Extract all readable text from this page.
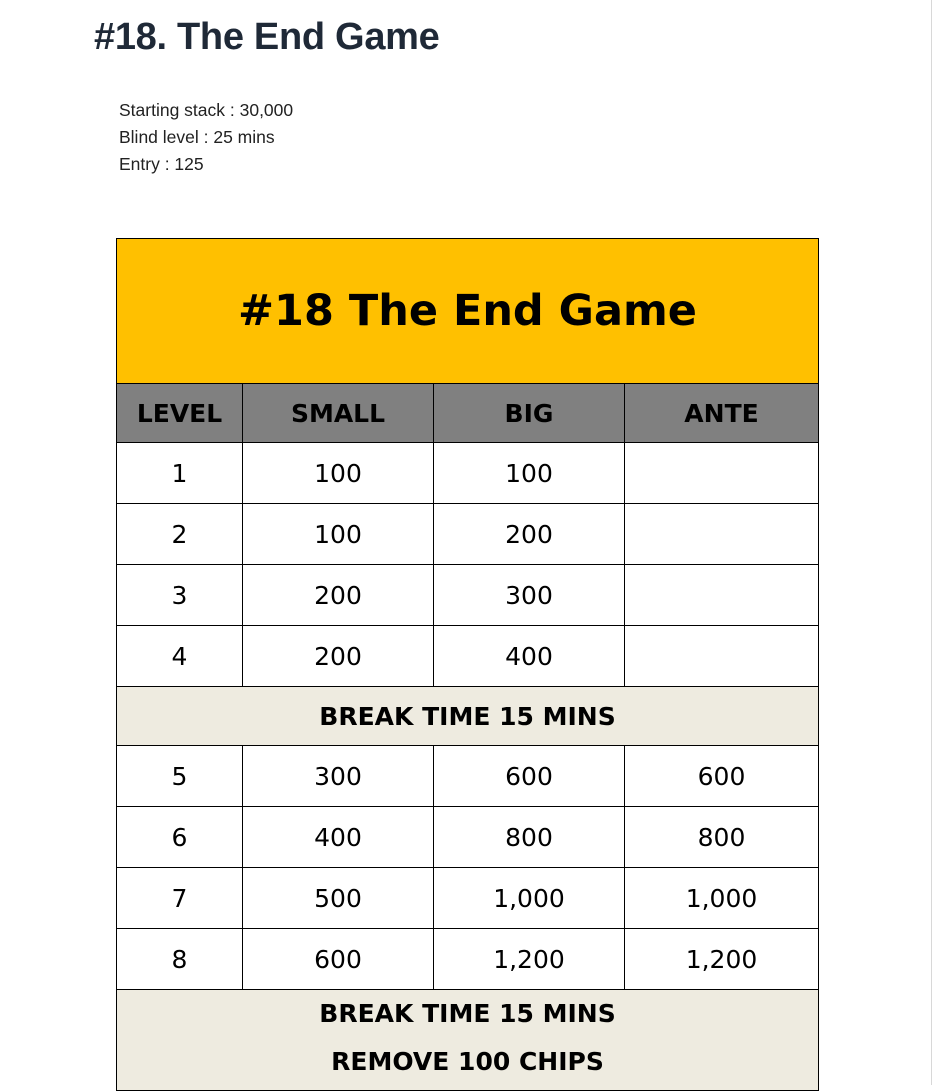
#18. The End Game
Starting stack : 30,000
Blind level : 25 mins
Entry : 125
#18 The End Game			
LEVEL	SMALL	BIG	ANTE
1	100	100	
2	100	200	
3	200	300	
4	200	400	
BREAK TIME 15 MINS			
5	300	600	600
6	400	800	800
7	500	1,000	1,000
8	600	1,200	1,200

BREAK TIME 15 MINS
REMOVE 100 CHIPS			
